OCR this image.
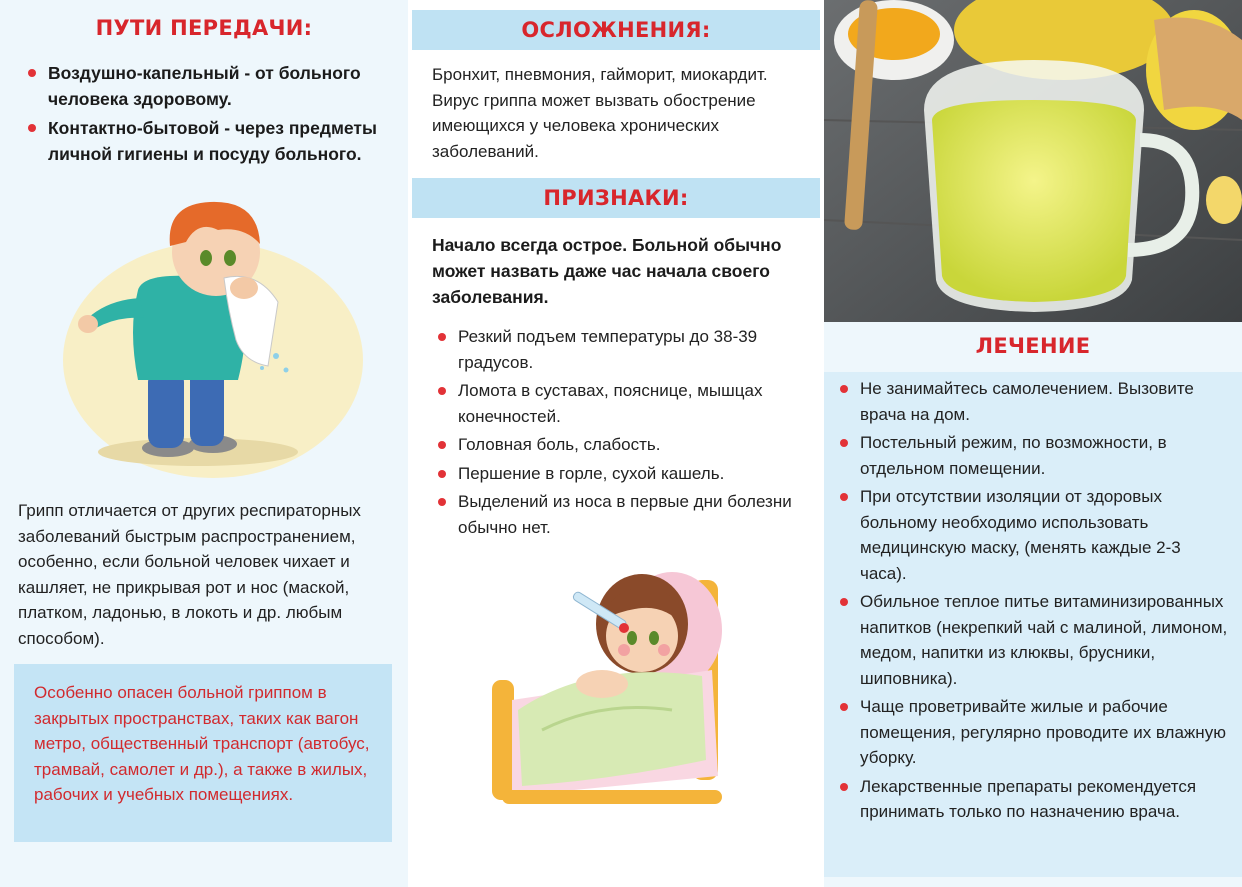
ПУТИ ПЕРЕДАЧИ:
Воздушно-капельный - от больного человека здоровому.
Контактно-бытовой - через предметы личной гигиены и посуду больного.

Грипп отличается от других респираторных заболеваний быстрым распространением, особенно, если больной человек чихает и кашляет, не прикрывая рот и нос (маской, платком, ладонью, в локоть и др. любым способом).

Особенно опасен больной гриппом в закрытых пространствах, таких как вагон метро, общественный транспорт (автобус, трамвай, самолет и др.), а также в жилых, рабочих и учебных помещениях.

ОСЛОЖНЕНИЯ:

Бронхит, пневмония, гайморит, миокардит. Вирус гриппа может вызвать обострение имеющихся у человека хронических заболеваний.

ПРИЗНАКИ:

Начало всегда острое. Больной обычно может назвать даже час начала своего заболевания.

Резкий подъем температуры до 38-39 градусов.
Ломота в суставах, пояснице, мышцах конечностей.
Головная боль, слабость.
Першение в горле, сухой кашель.
Выделений из носа в первые дни болезни обычно нет.
ЛЕЧЕНИЕ
Не занимайтесь самолечением. Вызовите врача на дом.
Постельный режим, по возможности, в отдельном помещении.
При отсутствии изоляции от здоровых больному необходимо использовать медицинскую маску, (менять каждые 2-3 часа).
Обильное теплое питье витаминизированных напитков (некрепкий чай с малиной, лимоном, медом, напитки из клюквы, брусники, шиповника).
Чаще проветривайте жилые и рабочие помещения, регулярно проводите их влажную уборку.
Лекарственные препараты рекомендуется принимать только по назначению врача.
